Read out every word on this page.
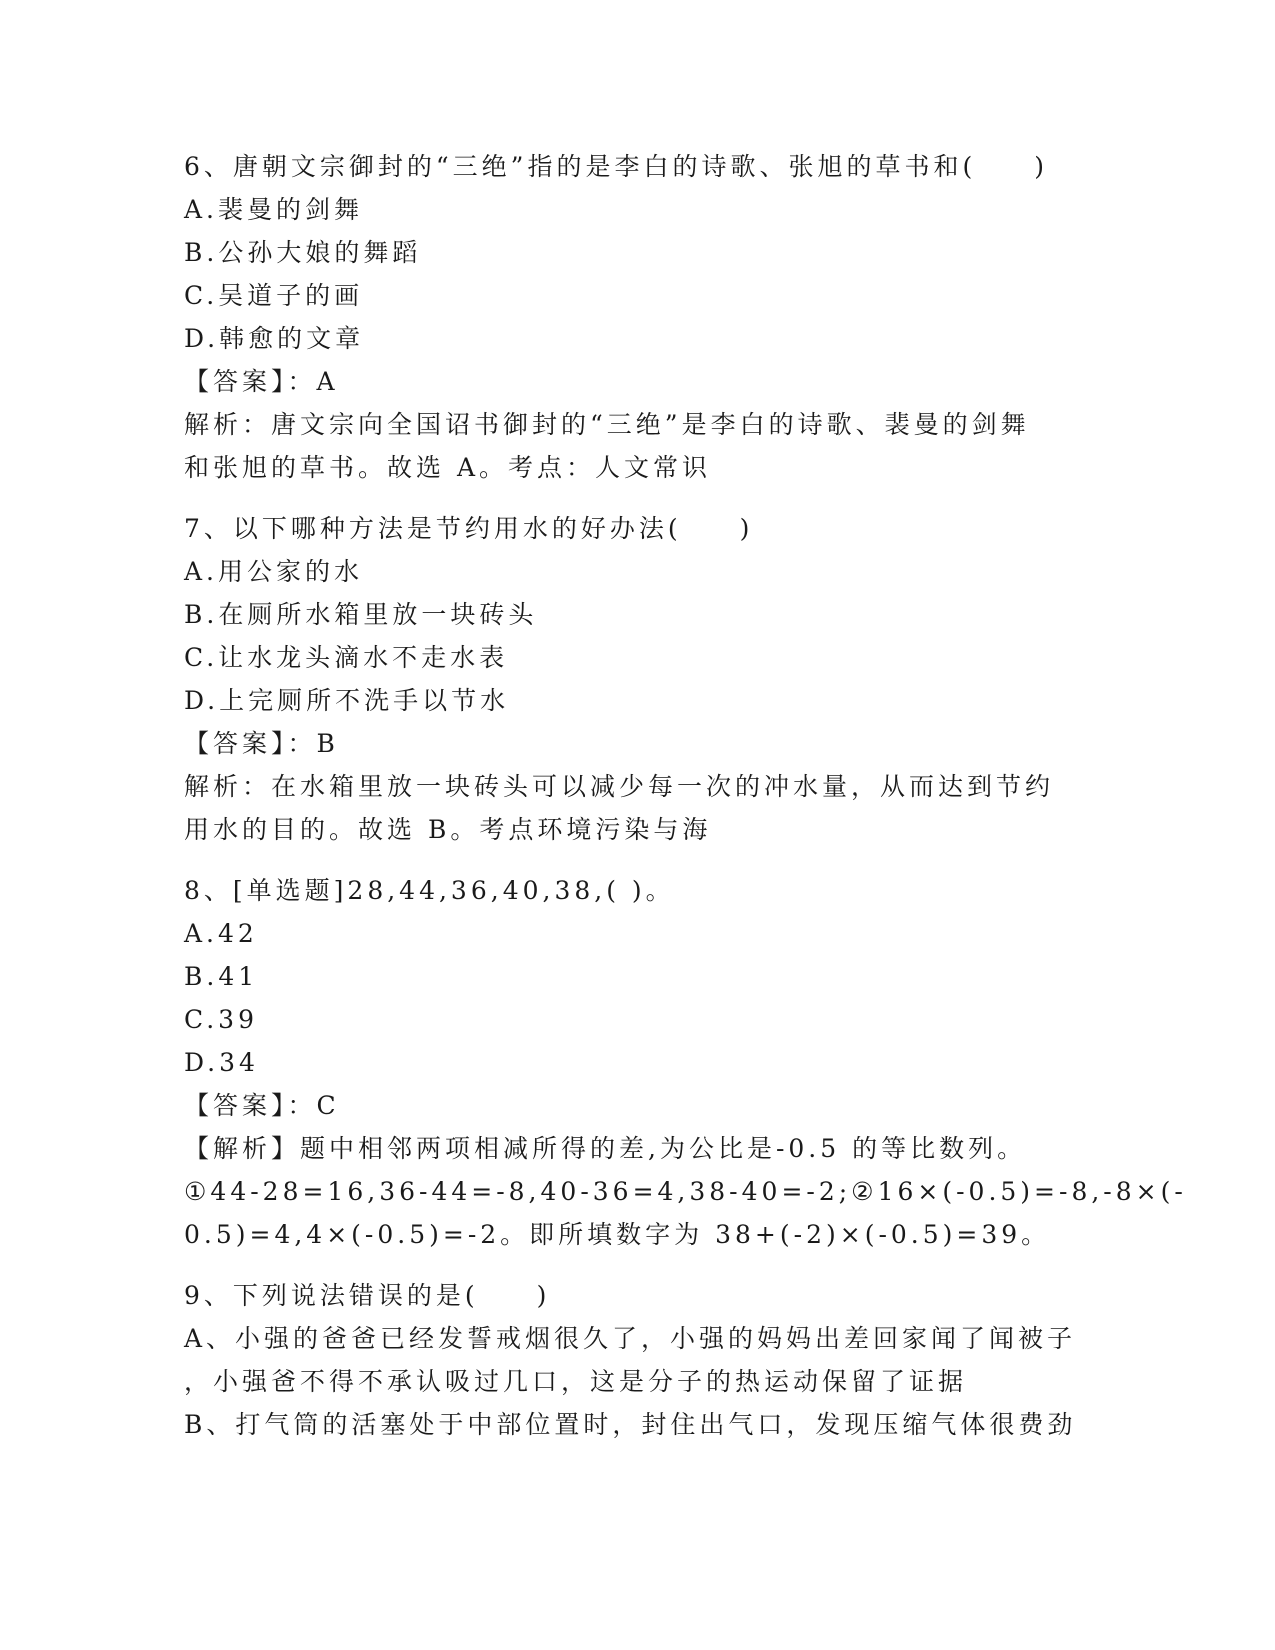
6、唐朝文宗御封的“三绝”指的是李白的诗歌、张旭的草书和(　　)
A.裴曼的剑舞
B.公孙大娘的舞蹈
C.吴道子的画
D.韩愈的文章
【答案】：A
解析：唐文宗向全国诏书御封的“三绝”是李白的诗歌、裴曼的剑舞
和张旭的草书。故选 A。考点：人文常识
7、以下哪种方法是节约用水的好办法(　　)
A.用公家的水
B.在厕所水箱里放一块砖头
C.让水龙头滴水不走水表
D.上完厕所不洗手以节水
【答案】：B
解析：在水箱里放一块砖头可以减少每一次的冲水量，从而达到节约
用水的目的。故选 B。考点环境污染与海
8、[单选题]28,44,36,40,38,( )。
A.42
B.41
C.39
D.34
【答案】：C
【解析】题中相邻两项相减所得的差,为公比是-0.5 的等比数列。
①44-28=16,36-44=-8,40-36=4,38-40=-2;②16×(-0.5)=-8,-8×(-
0.5)=4,4×(-0.5)=-2。即所填数字为 38+(-2)×(-0.5)=39。
9、下列说法错误的是(　　)
A、小强的爸爸已经发誓戒烟很久了，小强的妈妈出差回家闻了闻被子
，小强爸不得不承认吸过几口，这是分子的热运动保留了证据
B、打气筒的活塞处于中部位置时，封住出气口，发现压缩气体很费劲
